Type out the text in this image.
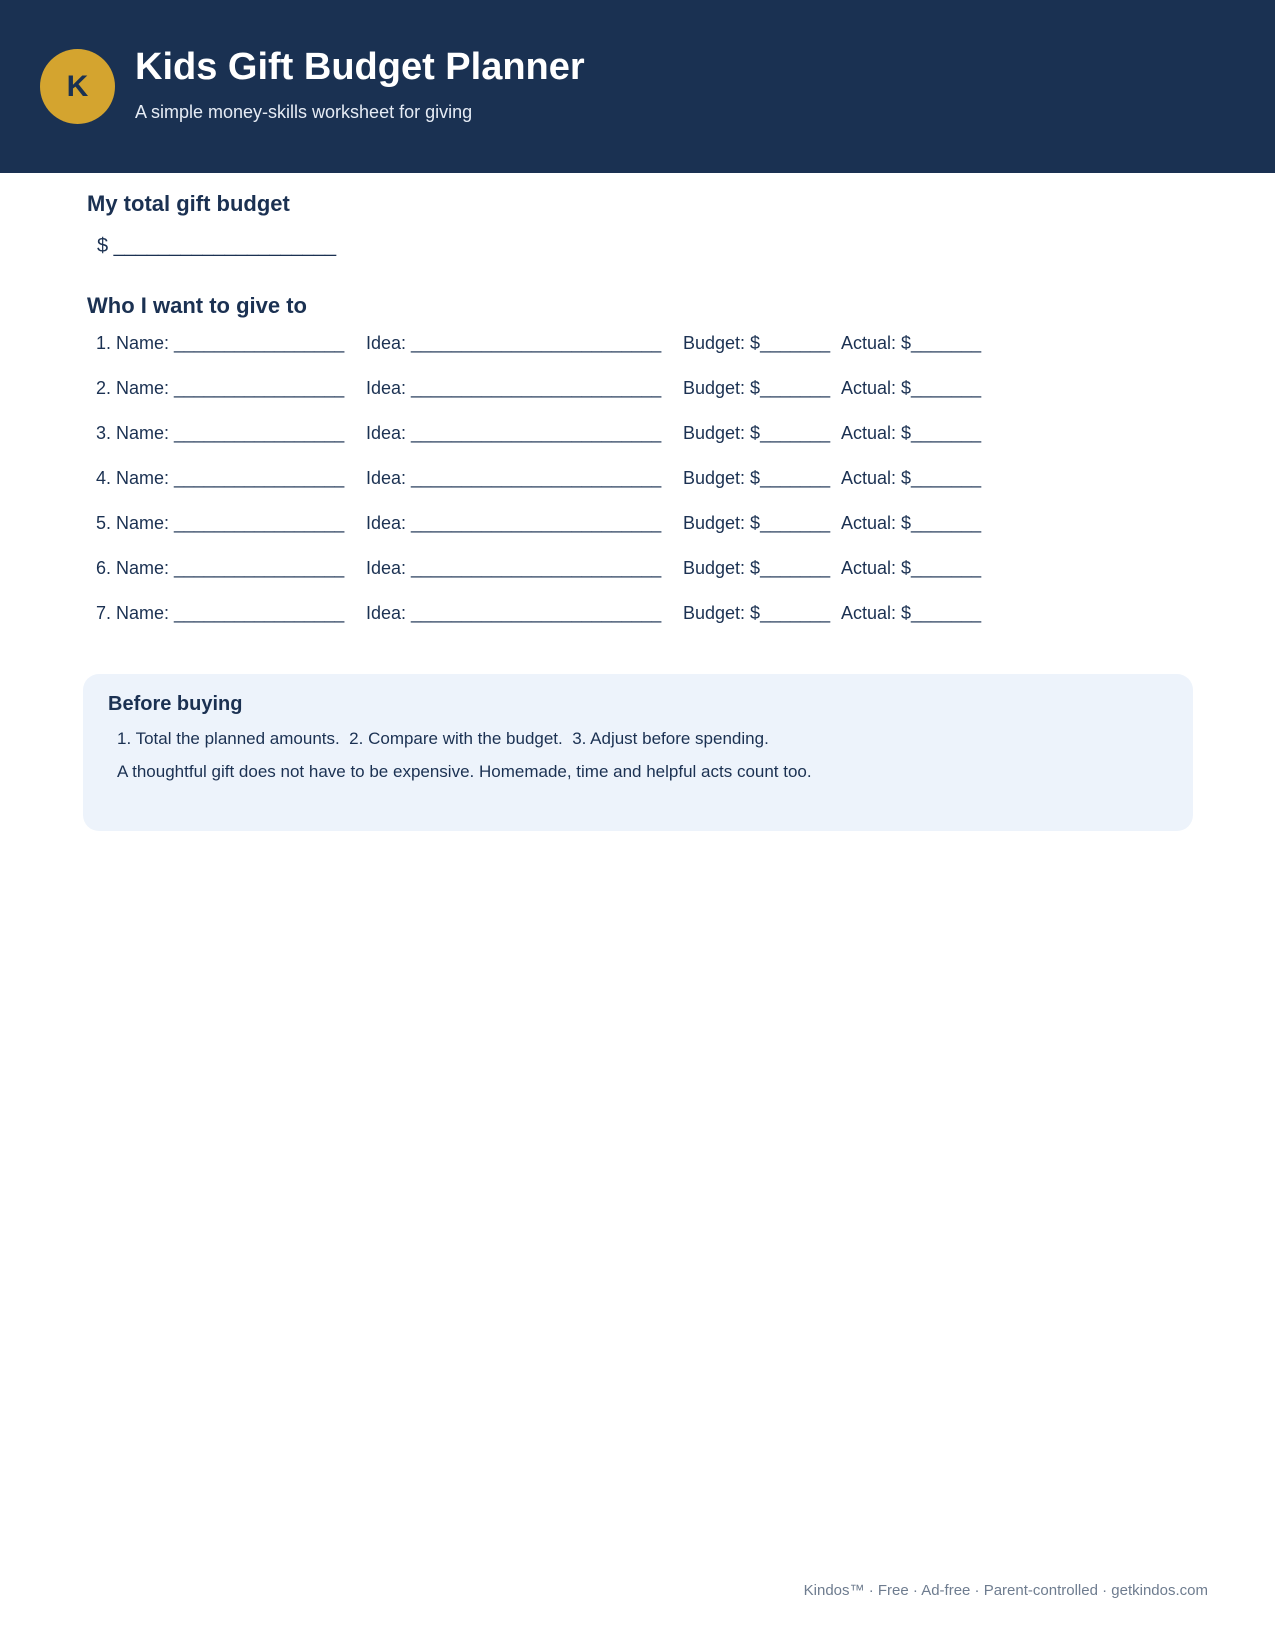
K	Kids Gift Budget Planner

A simple money-skills worksheet for giving

My total gift budget
$ ____________________
Who I want to give to
1. Name: _________________ Idea: _________________________ Budget: $_______ Actual: $_______
2. Name: _________________ Idea: _________________________ Budget: $_______ Actual: $_______
3. Name: _________________ Idea: _________________________ Budget: $_______ Actual: $_______
4. Name: _________________ Idea: _________________________ Budget: $_______ Actual: $_______
5. Name: _________________ Idea: _________________________ Budget: $_______ Actual: $_______
6. Name: _________________ Idea: _________________________ Budget: $_______ Actual: $_______
7. Name: _________________ Idea: _________________________ Budget: $_______ Actual: $_______
Before buying
1. Total the planned amounts.  2. Compare with the budget.  3. Adjust before spending.
A thoughtful gift does not have to be expensive. Homemade, time and helpful acts count too.
Kindos™ · Free · Ad-free · Parent-controlled · getkindos.com
